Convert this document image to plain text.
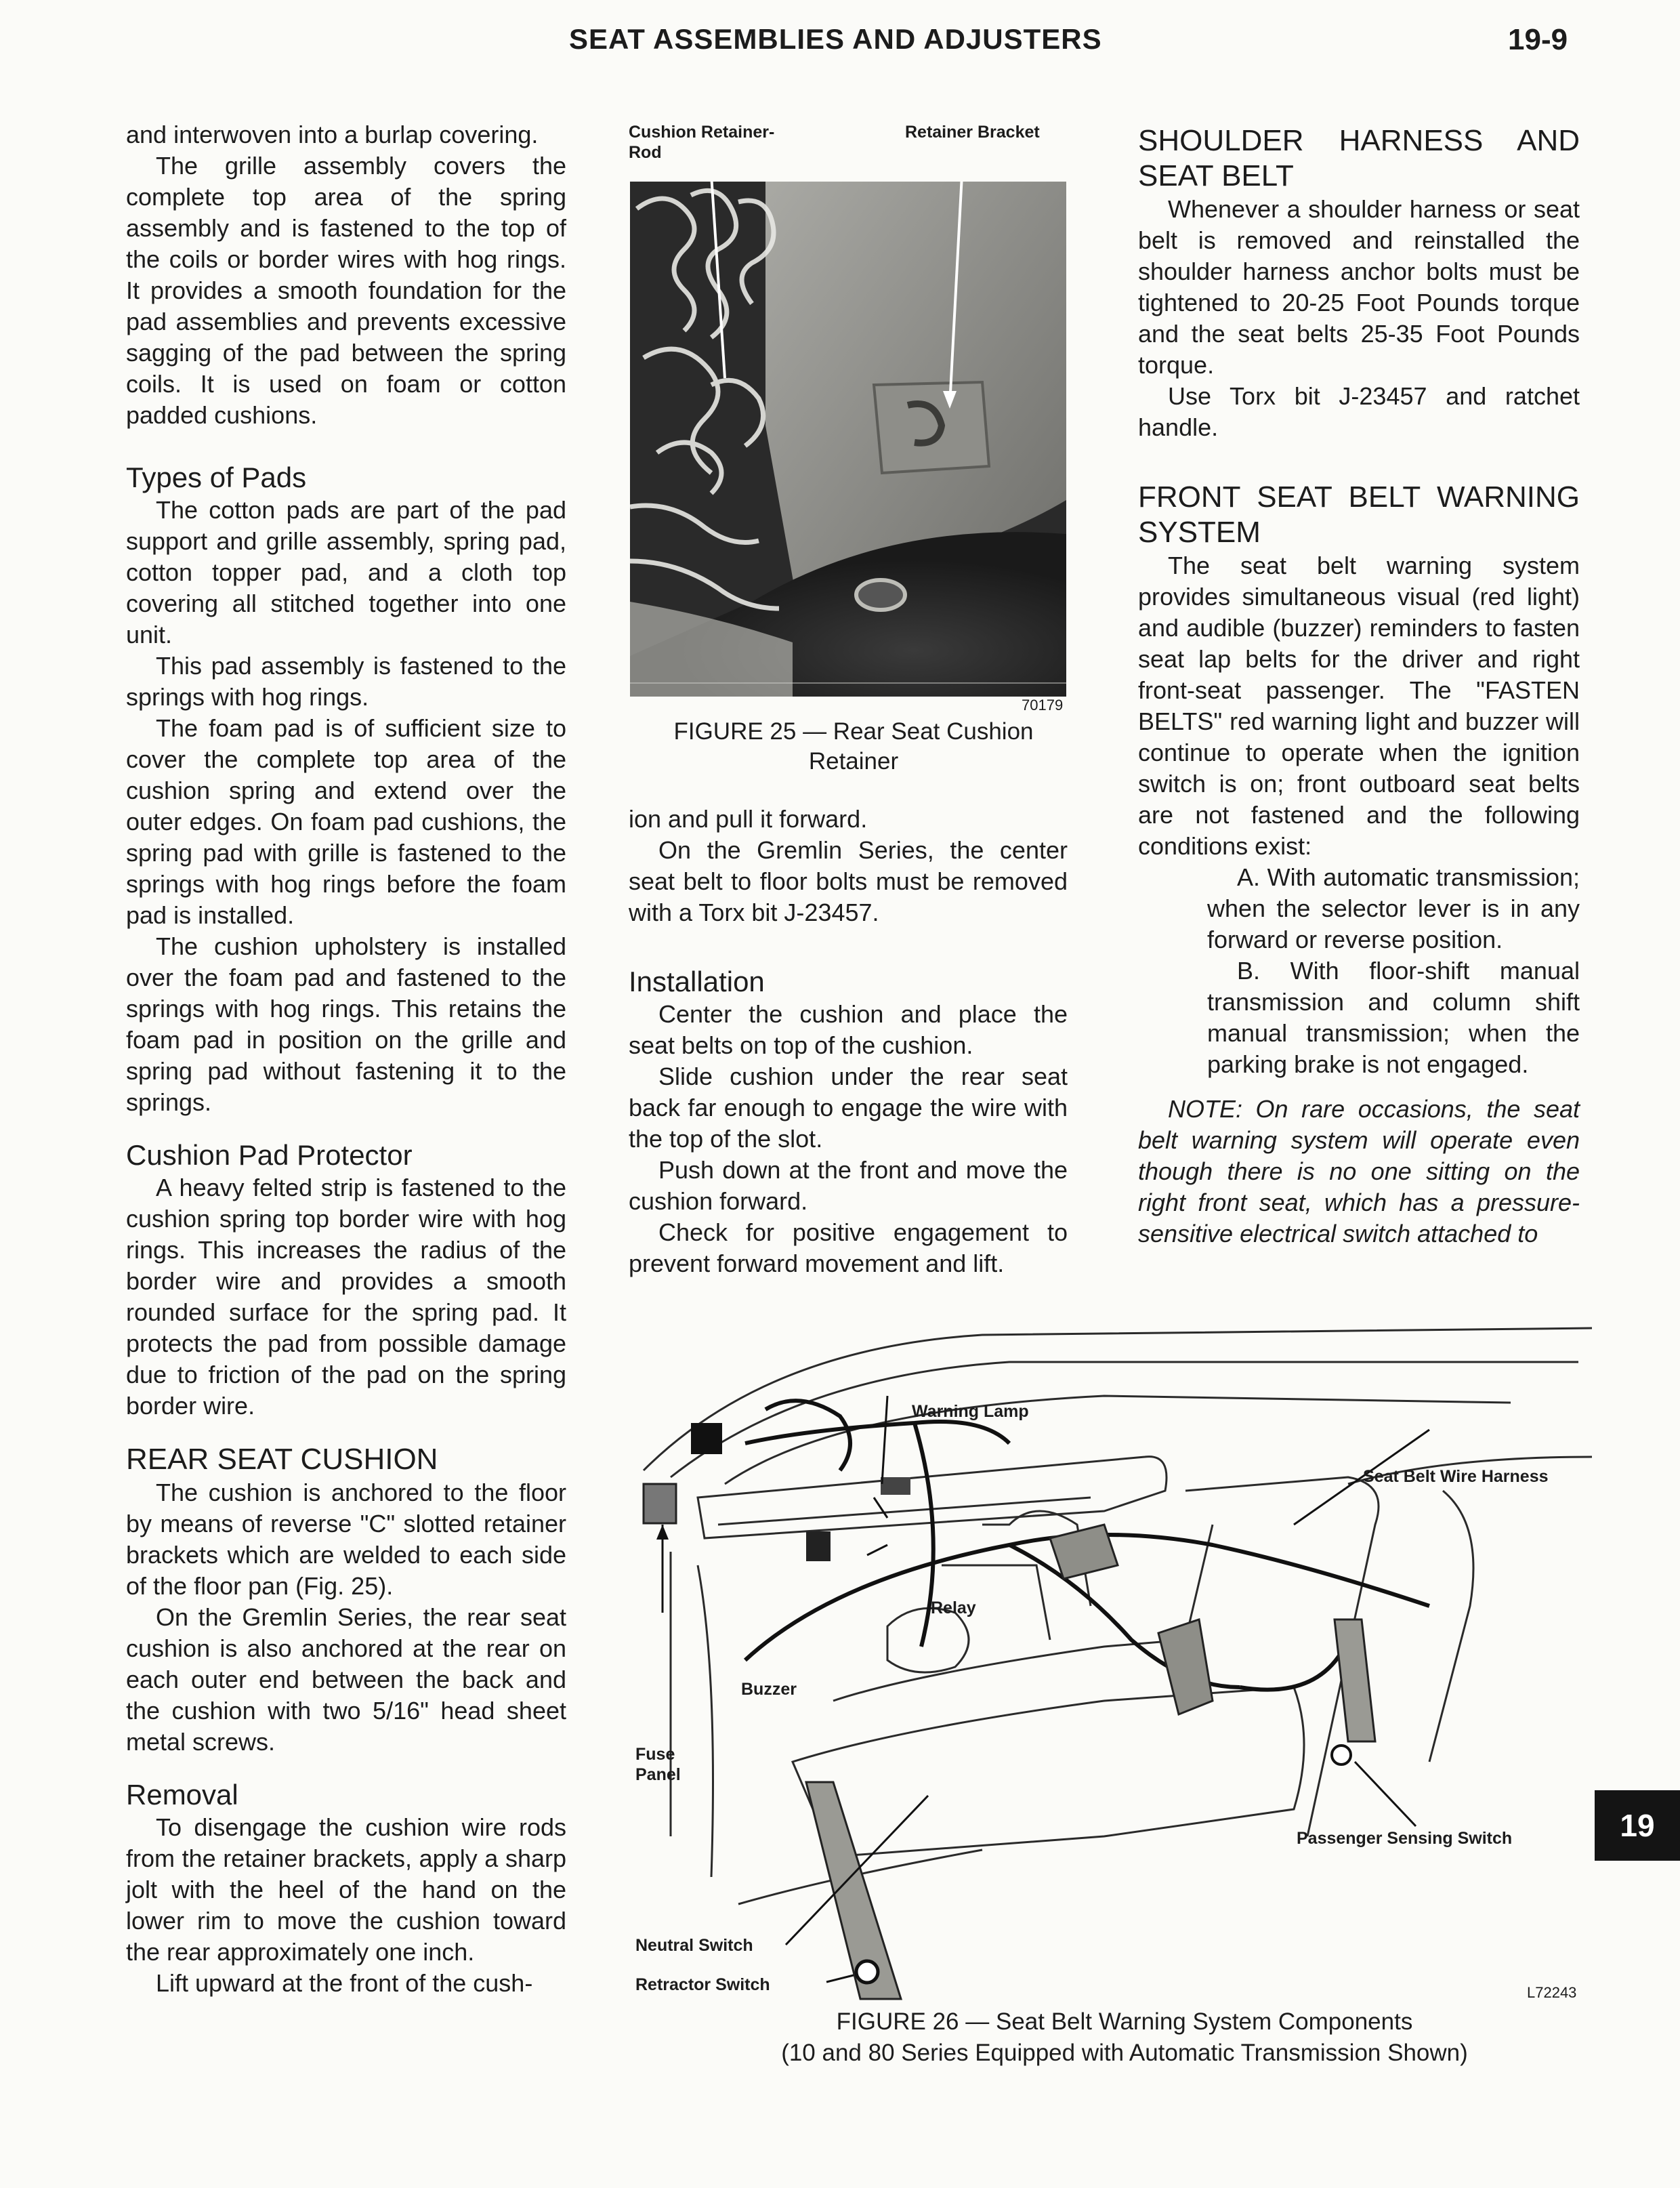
SEAT ASSEMBLIES AND ADJUSTERS	19-9

and interwoven into a burlap covering.

The grille assembly covers the complete top area of the spring assembly and is fastened to the top of the coils or border wires with hog rings. It provides a smooth foundation for the pad assemblies and prevents excessive sagging of the pad between the spring coils. It is used on foam or cotton padded cushions.

Types of Pads

The cotton pads are part of the pad support and grille assembly, spring pad, cotton topper pad, and a cloth top covering all stitched together into one unit.

This pad assembly is fastened to the springs with hog rings.

The foam pad is of sufficient size to cover the complete top area of the cushion spring and extend over the outer edges. On foam pad cushions, the spring pad with grille is fastened to the springs with hog rings before the foam pad is installed.

The cushion upholstery is installed over the foam pad and fastened to the springs with hog rings. This retains the foam pad in position on the grille and spring pad without fastening it to the springs.

Cushion Pad Protector

A heavy felted strip is fastened to the cushion spring top border wire with hog rings. This increases the radius of the border wire and provides a smooth rounded surface for the spring pad. It protects the pad from possible damage due to friction of the pad on the spring border wire.

REAR SEAT CUSHION

The cushion is anchored to the floor by means of reverse "C" slotted retainer brackets which are welded to each side of the floor pan (Fig. 25).

On the Gremlin Series, the rear seat cushion is also anchored at the rear on each outer end between the back and the cushion with two 5/16" head sheet metal screws.

Removal

To disengage the cushion wire rods from the retainer brackets, apply a sharp jolt with the heel of the hand on the lower rim to move the cushion toward the rear approximately one inch.

Lift upward at the front of the cush-

Cushion Retainer-Rod
Retainer Bracket
70179
FIGURE 25 — Rear Seat Cushion Retainer

ion and pull it forward.

On the Gremlin Series, the center seat belt to floor bolts must be removed with a Torx bit J-23457.

Installation

Center the cushion and place the seat belts on top of the cushion.

Slide cushion under the rear seat back far enough to engage the wire with the top of the slot.

Push down at the front and move the cushion forward.

Check for positive engagement to prevent forward movement and lift.

SHOULDER HARNESS AND SEAT BELT

Whenever a shoulder harness or seat belt is removed and reinstalled the shoulder harness anchor bolts must be tightened to 20-25 Foot Pounds torque and the seat belts 25-35 Foot Pounds torque.

Use Torx bit J-23457 and ratchet handle.

FRONT SEAT BELT WARNING SYSTEM

The seat belt warning system provides simultaneous visual (red light) and audible (buzzer) reminders to fasten seat lap belts for the driver and right front-seat passenger. The "FASTEN BELTS" red warning light and buzzer will continue to operate when the ignition switch is on; front outboard seat belts are not fastened and the following conditions exist:

A. With automatic transmission; when the selector lever is in any forward or reverse position.

B. With floor-shift manual transmission and column shift manual transmission; when the parking brake is not engaged.

NOTE: On rare occasions, the seat belt warning system will operate even though there is no one sitting on the right front seat, which has a pressure-sensitive electrical switch attached to

Warning Lamp
Seat Belt Wire Harness
Relay
Buzzer
Fuse Panel
Passenger Sensing Switch
Neutral Switch
Retractor Switch	L72243
FIGURE 26 — Seat Belt Warning System Components
(10 and 80 Series Equipped with Automatic Transmission Shown)
19
